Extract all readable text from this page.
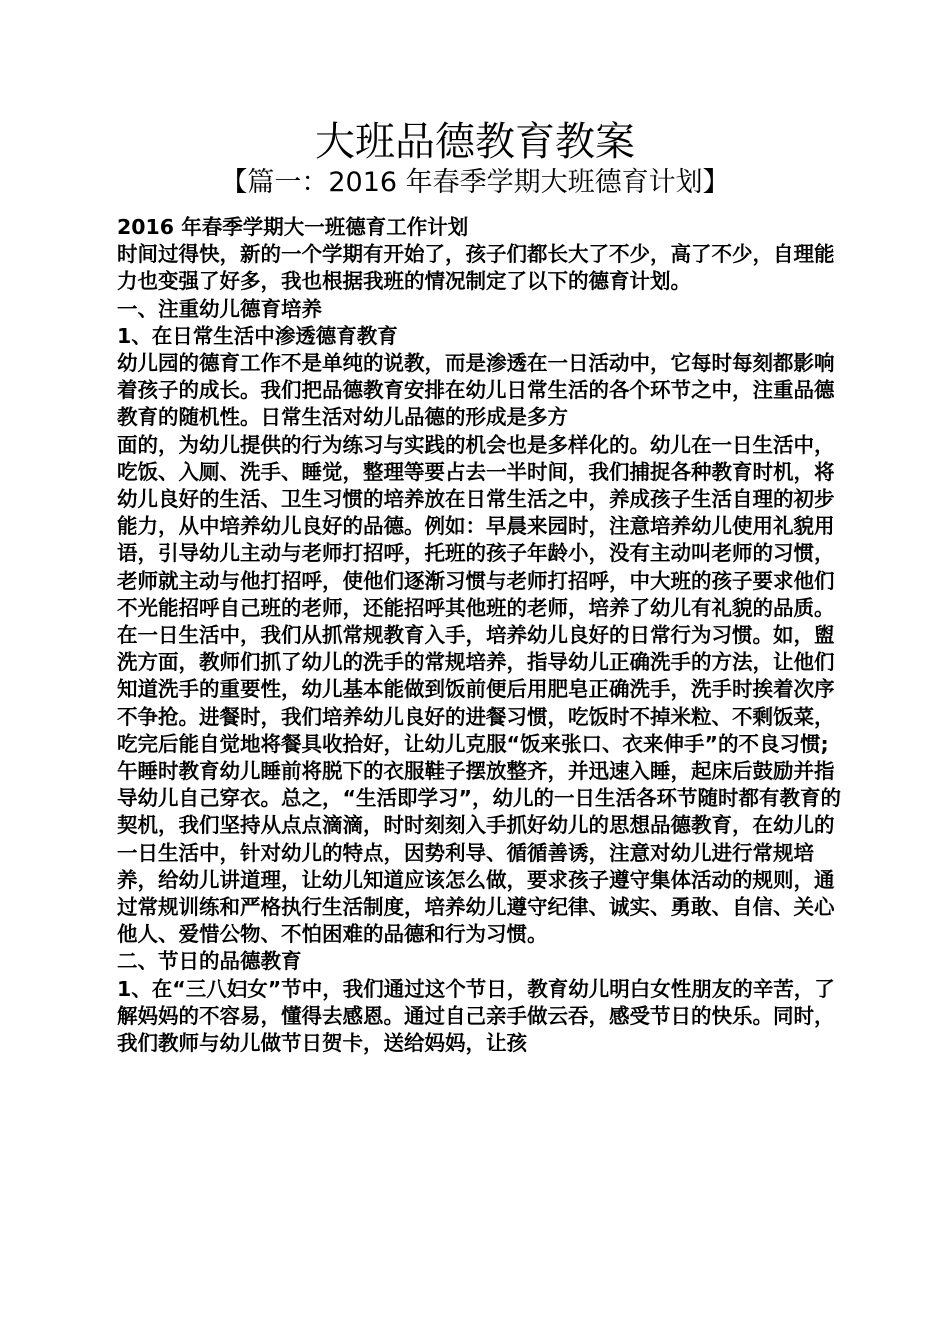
大班品德教育教案
【篇一：2016 年春季学期大班德育计划】

2016 年春季学期大一班德育工作计划

时间过得快，新的一个学期有开始了，孩子们都长大了不少，高了不少，自理能力也变强了好多，我也根据我班的情况制定了以下的德育计划。

一、注重幼儿德育培养

1、在日常生活中渗透德育教育

幼儿园的德育工作不是单纯的说教，而是渗透在一日活动中，它每时每刻都影响着孩子的成长。我们把品德教育安排在幼儿日常生活的各个环节之中，注重品德教育的随机性。日常生活对幼儿品德的形成是多方

面的，为幼儿提供的行为练习与实践的机会也是多样化的。幼儿在一日生活中，吃饭、入厕、洗手、睡觉，整理等要占去一半时间，我们捕捉各种教育时机，将幼儿良好的生活、卫生习惯的培养放在日常生活之中，养成孩子生活自理的初步能力，从中培养幼儿良好的品德。例如：早晨来园时，注意培养幼儿使用礼貌用语，引导幼儿主动与老师打招呼，托班的孩子年龄小，没有主动叫老师的习惯，老师就主动与他打招呼，使他们逐渐习惯与老师打招呼，中大班的孩子要求他们不光能招呼自己班的老师，还能招呼其他班的老师，培养了幼儿有礼貌的品质。在一日生活中，我们从抓常规教育入手，培养幼儿良好的日常行为习惯。如，盥洗方面，教师们抓了幼儿的洗手的常规培养，指导幼儿正确洗手的方法，让他们知道洗手的重要性，幼儿基本能做到饭前便后用肥皂正确洗手，洗手时挨着次序不争抢。进餐时，我们培养幼儿良好的进餐习惯，吃饭时不掉米粒、不剩饭菜，吃完后能自觉地将餐具收拾好，让幼儿克服“饭来张口、衣来伸手”的不良习惯;午睡时教育幼儿睡前将脱下的衣服鞋子摆放整齐，并迅速入睡，起床后鼓励并指导幼儿自己穿衣。总之，“生活即学习”，幼儿的一日生活各环节随时都有教育的契机，我们坚持从点点滴滴，时时刻刻入手抓好幼儿的思想品德教育，在幼儿的一日生活中，针对幼儿的特点，因势利导、循循善诱，注意对幼儿进行常规培养，给幼儿讲道理，让幼儿知道应该怎么做，要求孩子遵守集体活动的规则，通过常规训练和严格执行生活制度，培养幼儿遵守纪律、诚实、勇敢、自信、关心他人、爱惜公物、不怕困难的品德和行为习惯。

二、节日的品德教育

1、在“三八妇女”节中，我们通过这个节日，教育幼儿明白女性朋友的辛苦，了解妈妈的不容易，懂得去感恩。通过自己亲手做云吞，感受节日的快乐。同时，我们教师与幼儿做节日贺卡，送给妈妈，让孩
